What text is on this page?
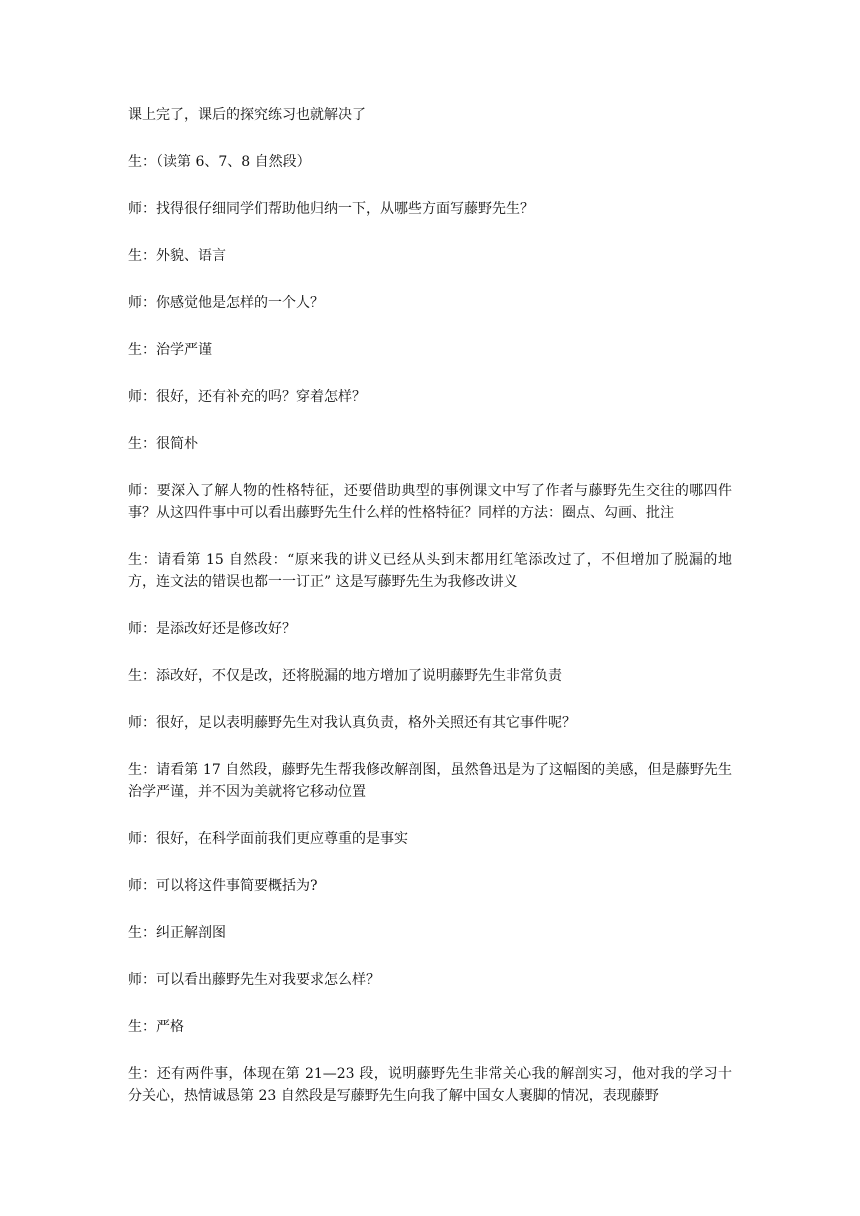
课上完了，课后的探究练习也就解决了

生：（读第 6、7、8 自然段）

师：找得很仔细同学们帮助他归纳一下，从哪些方面写藤野先生？

生：外貌、语言

师：你感觉他是怎样的一个人？

生：治学严谨

师：很好，还有补充的吗？穿着怎样？

生：很简朴

师：要深入了解人物的性格特征，还要借助典型的事例课文中写了作者与藤野先生交往的哪四件事？从这四件事中可以看出藤野先生什么样的性格特征？同样的方法：圈点、勾画、批注

生：请看第 15 自然段：“原来我的讲义已经从头到末都用红笔添改过了，不但增加了脱漏的地方，连文法的错误也都一一订正” 这是写藤野先生为我修改讲义

师：是添改好还是修改好？

生：添改好，不仅是改，还将脱漏的地方增加了说明藤野先生非常负责

师：很好，足以表明藤野先生对我认真负责，格外关照还有其它事件呢？

生：请看第 17 自然段，藤野先生帮我修改解剖图，虽然鲁迅是为了这幅图的美感，但是藤野先生治学严谨，并不因为美就将它移动位置

师：很好，在科学面前我们更应尊重的是事实

师：可以将这件事简要概括为?

生：纠正解剖图

师：可以看出藤野先生对我要求怎么样？

生：严格

生：还有两件事，体现在第 21—23 段，说明藤野先生非常关心我的解剖实习，他对我的学习十分关心，热情诚恳第 23 自然段是写藤野先生向我了解中国女人裹脚的情况，表现藤野
